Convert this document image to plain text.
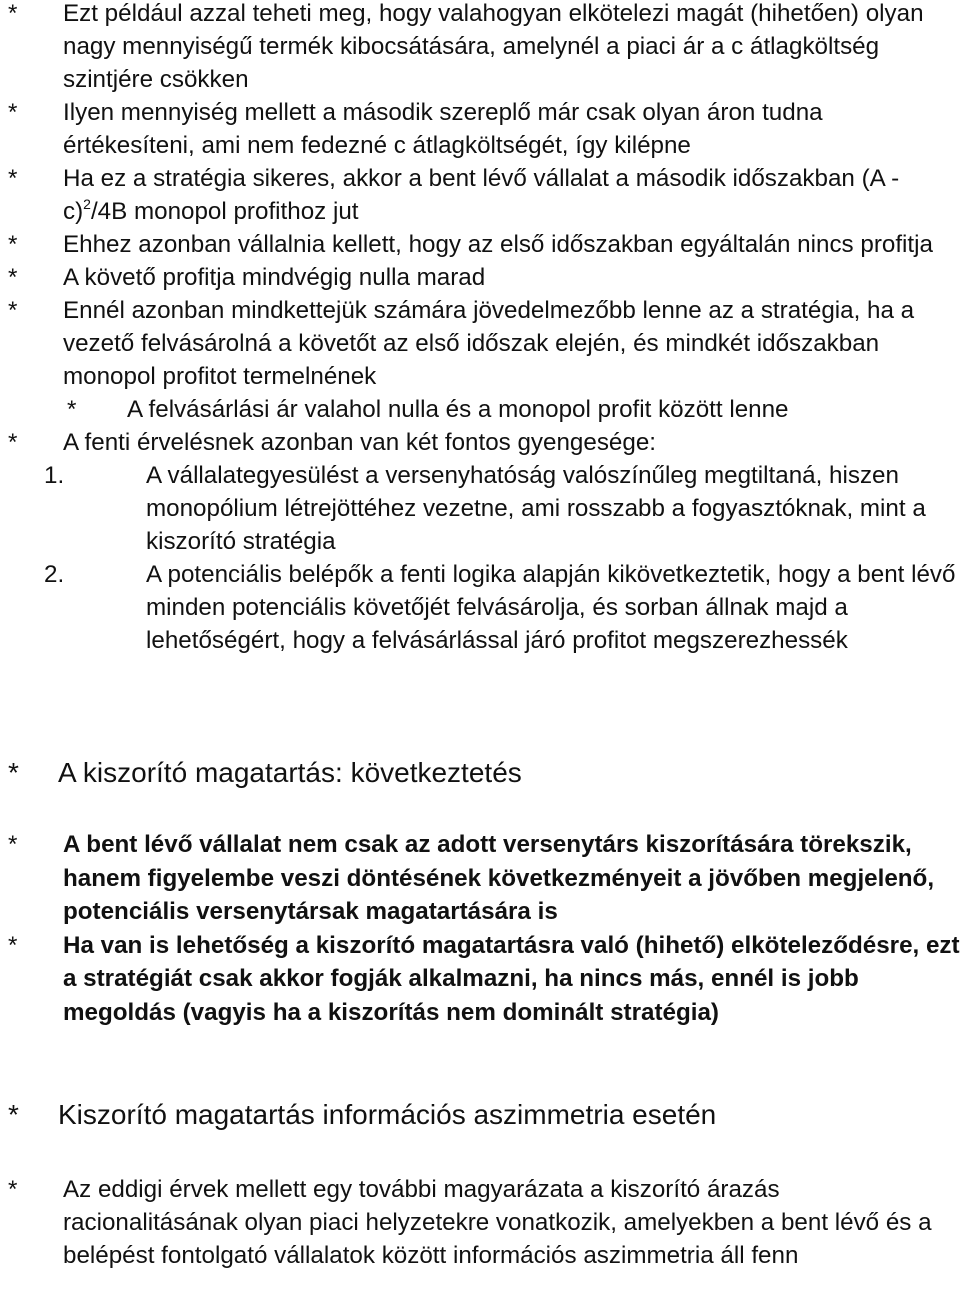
*	Ezt például azzal teheti meg, hogy valahogyan elkötelezi magát (hihetően) olyan nagy mennyiségű termék kibocsátására, amelynél a piaci ár a c átlagköltség szintjére csökken

*	Ilyen mennyiség mellett a második szereplő már csak olyan áron tudna értékesíteni, ami nem fedezné c átlagköltségét, így kilépne

*	Ha ez a stratégia sikeres, akkor a bent lévő vállalat a második időszakban (A - c)$^2$/4B monopol profithoz jut

*	Ehhez azonban vállalnia kellett, hogy az első időszakban egyáltalán nincs profitja

*	A követő profitja mindvégig nulla marad

*	Ennél azonban mindkettejük számára jövedelmezőbb lenne az a stratégia, ha a vezető felvásárolná a követőt az első időszak elején, és mindkét időszakban monopol profitot termelnének

*	A felvásárlási ár valahol nulla és a monopol profit között lenne

*	A fenti érvelésnek azonban van két fontos gyengesége:

1.	A vállalategyesülést a versenyhatóság valószínűleg megtiltaná, hiszen monopólium létrejöttéhez vezetne, ami rosszabb a fogyasztóknak, mint a kiszorító stratégia

2.	A potenciális belépők a fenti logika alapján kikövetkeztetik, hogy a bent lévő minden potenciális követőjét felvásárolja, és sorban állnak majd a lehetőségért, hogy a felvásárlással járó profitot megszerezhessék

*	A kiszorító magatartás: következtetés

*	A bent lévő vállalat nem csak az adott versenytárs kiszorítására törekszik, hanem figyelembe veszi döntésének következményeit a jövőben megjelenő, potenciális versenytársak magatartására is

*	Ha van is lehetőség a kiszorító magatartásra való (hihető) elköteleződésre, ezt a stratégiát csak akkor fogják alkalmazni, ha nincs más, ennél is jobb megoldás (vagyis ha a kiszorítás nem dominált stratégia)

*	Kiszorító magatartás információs aszimmetria esetén

*	Az eddigi érvek mellett egy további magyarázata a kiszorító árazás racionalitásának olyan piaci helyzetekre vonatkozik, amelyekben a bent lévő és a belépést fontolgató vállalatok között információs aszimmetria áll fenn
